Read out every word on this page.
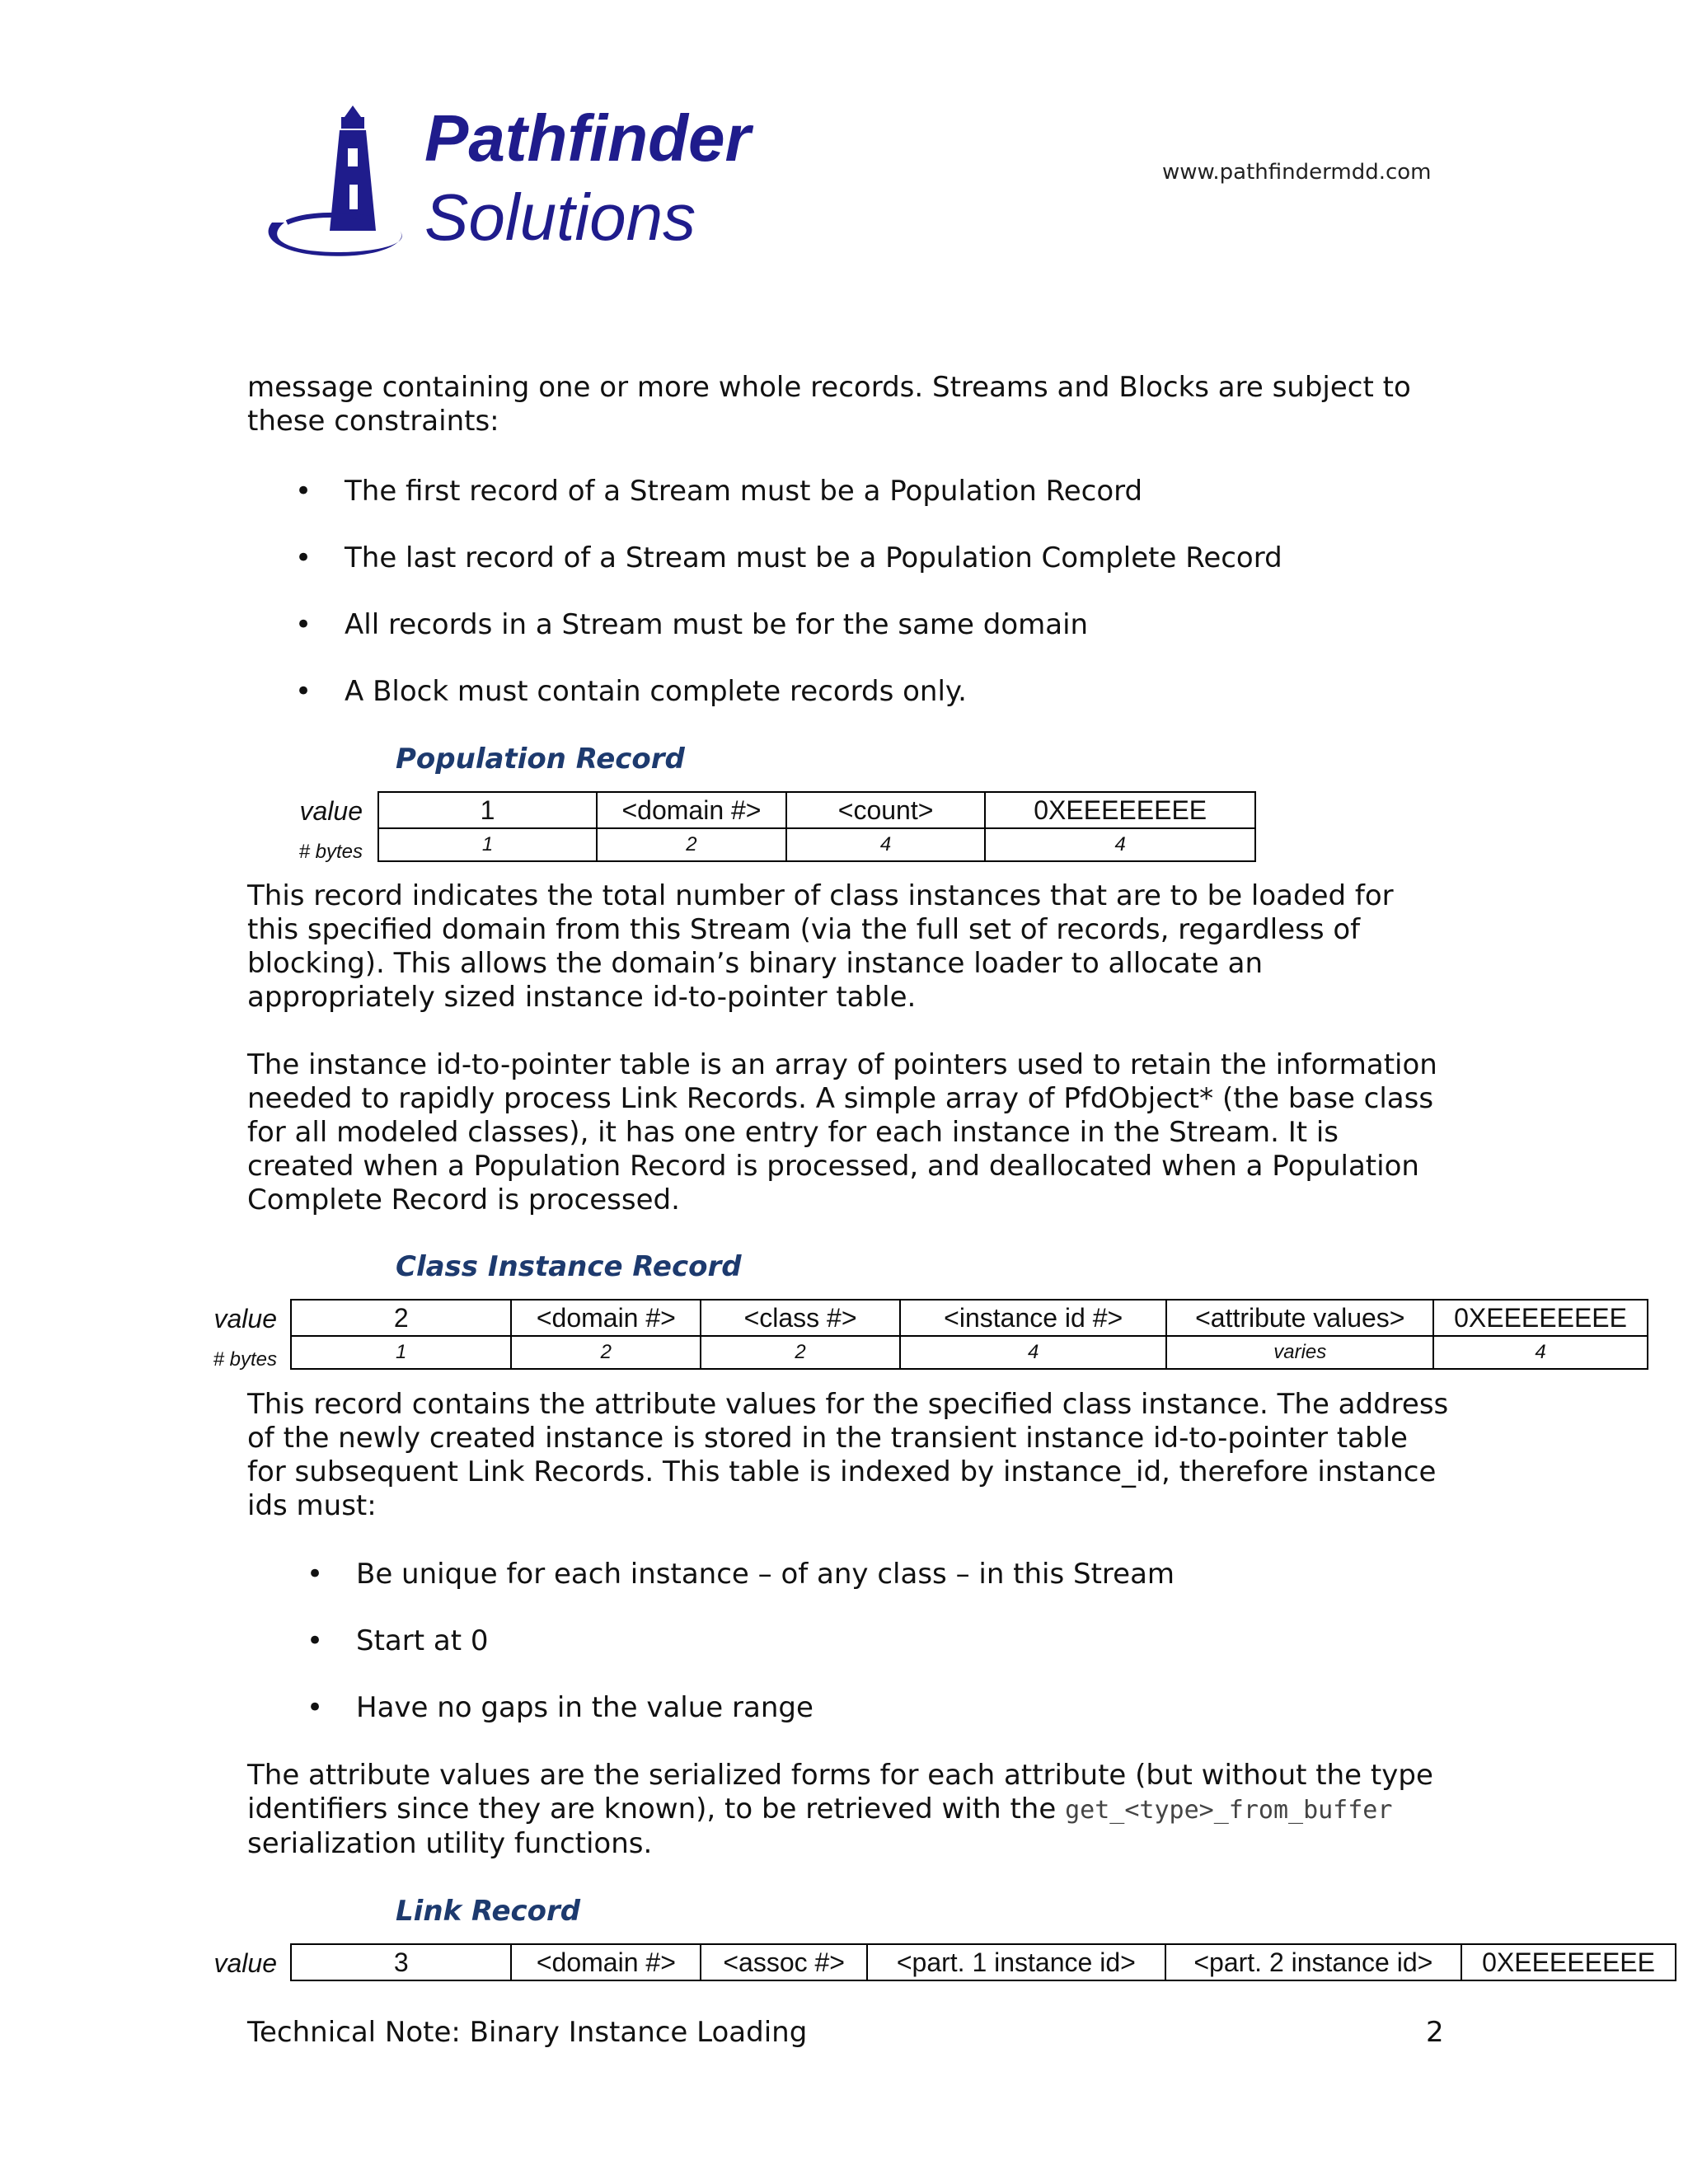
Pathfinder
Solutions
www.pathfindermdd.com
message containing one or more whole records. Streams and Blocks are subject to these constraints:
• The first record of a Stream must be a Population Record
• The last record of a Stream must be a Population Complete Record
• All records in a Stream must be for the same domain
• A Block must contain complete records only.
Population Record
value
# bytes
1	<domain #>	<count>	0XEEEEEEEE
1	2	4	4
This record indicates the total number of class instances that are to be loaded for this specified domain from this Stream (via the full set of records, regardless of blocking). This allows the domain’s binary instance loader to allocate an appropriately sized instance id-to-pointer table.
The instance id-to-pointer table is an array of pointers used to retain the information needed to rapidly process Link Records. A simple array of PfdObject* (the base class for all modeled classes), it has one entry for each instance in the Stream. It is created when a Population Record is processed, and deallocated when a Population Complete Record is processed.
Class Instance Record
value
# bytes
2	<domain #>	<class #>	<instance id #>	<attribute values>	0XEEEEEEEE
1	2	2	4	varies	4
This record contains the attribute values for the specified class instance. The address of the newly created instance is stored in the transient instance id-to-pointer table for subsequent Link Records. This table is indexed by instance_id, therefore instance ids must:
• Be unique for each instance – of any class – in this Stream
• Start at 0
• Have no gaps in the value range
The attribute values are the serialized forms for each attribute (but without the type identifiers since they are known), to be retrieved with the get_<type>_from_buffer serialization utility functions.
Link Record
value	3	<domain #>	<assoc #>	<part. 1 instance id>	<part. 2 instance id>	0XEEEEEEEE
Technical Note: Binary Instance Loading	2
